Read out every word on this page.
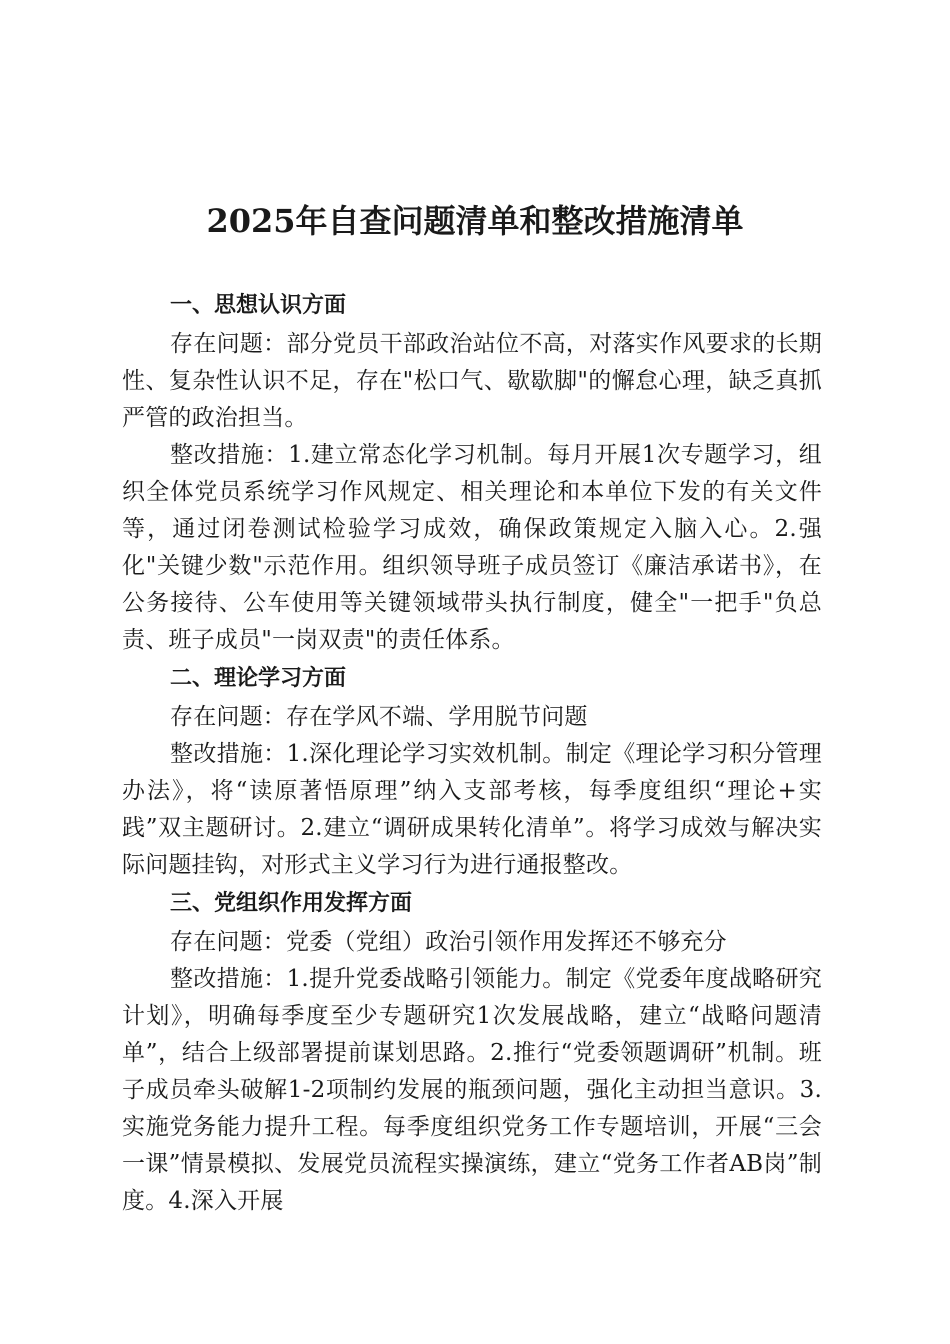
2025年自查问题清单和整改措施清单

一、思想认识方面

存在问题：部分党员干部政治站位不高，对落实作风要求的长期性、复杂性认识不足，存在"松口气、歇歇脚"的懈怠心理，缺乏真抓严管的政治担当。

整改措施：1.建立常态化学习机制。每月开展1次专题学习，组织全体党员系统学习作风规定、相关理论和本单位下发的有关文件等，通过闭卷测试检验学习成效，确保政策规定入脑入心。2.强化"关键少数"示范作用。组织领导班子成员签订《廉洁承诺书》，在公务接待、公车使用等关键领域带头执行制度，健全"一把手"负总责、班子成员"一岗双责"的责任体系。

二、理论学习方面

存在问题：存在学风不端、学用脱节问题

整改措施：1.深化理论学习实效机制。制定《理论学习积分管理办法》，将“读原著悟原理”纳入支部考核，每季度组织“理论+实践”双主题研讨。2.建立“调研成果转化清单”。将学习成效与解决实际问题挂钩，对形式主义学习行为进行通报整改。

三、党组织作用发挥方面

存在问题：党委（党组）政治引领作用发挥还不够充分

整改措施：1.提升党委战略引领能力。制定《党委年度战略研究计划》，明确每季度至少专题研究1次发展战略，建立“战略问题清单”，结合上级部署提前谋划思路。2.推行“党委领题调研”机制。班子成员牵头破解1-2项制约发展的瓶颈问题，强化主动担当意识。3.实施党务能力提升工程。每季度组织党务工作专题培训，开展“三会一课”情景模拟、发展党员流程实操演练，建立“党务工作者AB岗”制度。4.深入开展
